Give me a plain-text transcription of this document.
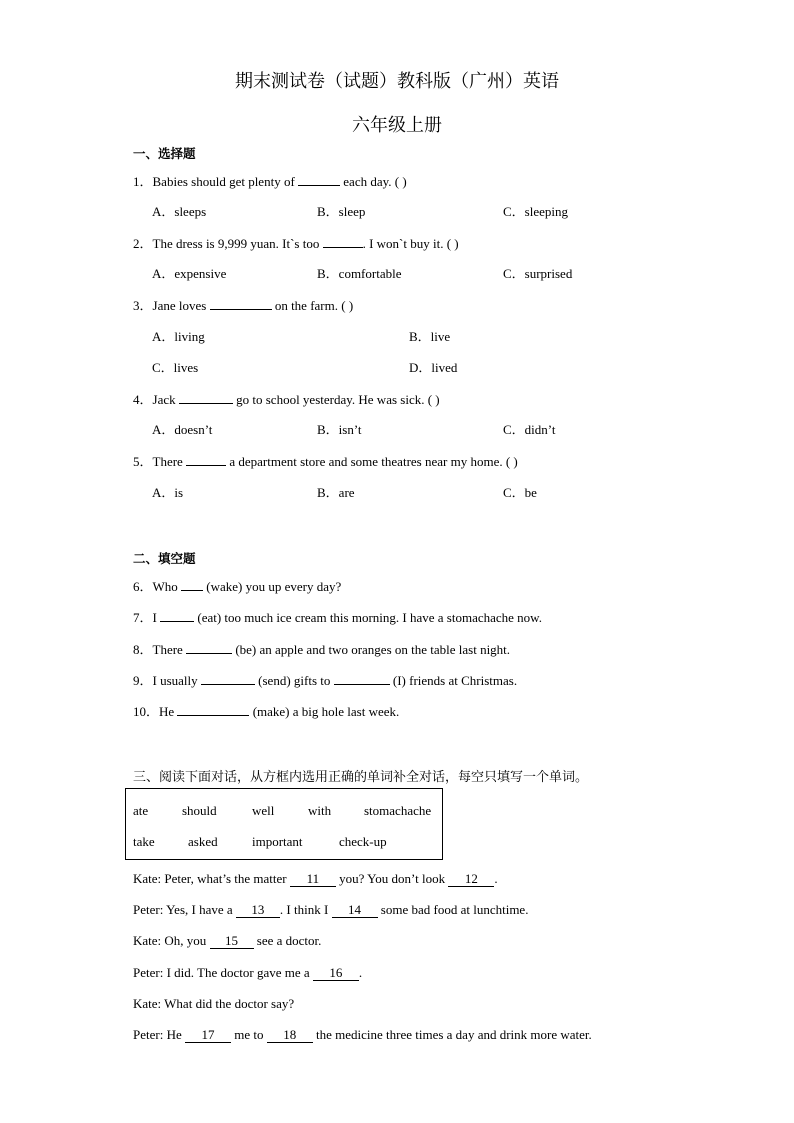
期末测试卷（试题）教科版（广州）英语
六年级上册
一、选择题
1．Babies should get plenty of	each day. ( )
A．sleeps	B．sleep	C．sleeping
2．The dress is 9,999 yuan. It`s too	. I won`t buy it. ( )
A．expensive	B．comfortable	C．surprised
3．Jane loves	on the farm. ( )
A．living	B．live
C．lives	D．lived
4．Jack	go to school yesterday. He was sick. ( )
A．doesn’t	B．isn’t	C．didn’t
5．There	a department store and some theatres near my home. ( )
A．is	B．are	C．be
二、填空题
6．Who (wake) you up every day?
7．I	(eat) too much ice cream this morning. I have a stomachache now.
8．There	(be) an apple and two oranges on the table last night.
9．I usually	(send) gifts to	(I) friends at Christmas.
10．He	(make) a big hole last week.
三、阅读下面对话，从方框内选用正确的单词补全对话，每空只填写一个单词。
ate	should	well	with	stomachache
take	asked	important	check-up
Kate: Peter, what’s the matter 11 you? You don’t look 12 .
Peter: Yes, I have a 13 . I think I 14 some bad food at lunchtime.
Kate: Oh, you 15 see a doctor.
Peter: I did. The doctor gave me a 16 .
Kate: What did the doctor say?
Peter: He 17 me to 18 the medicine three times a day and drink more water.
